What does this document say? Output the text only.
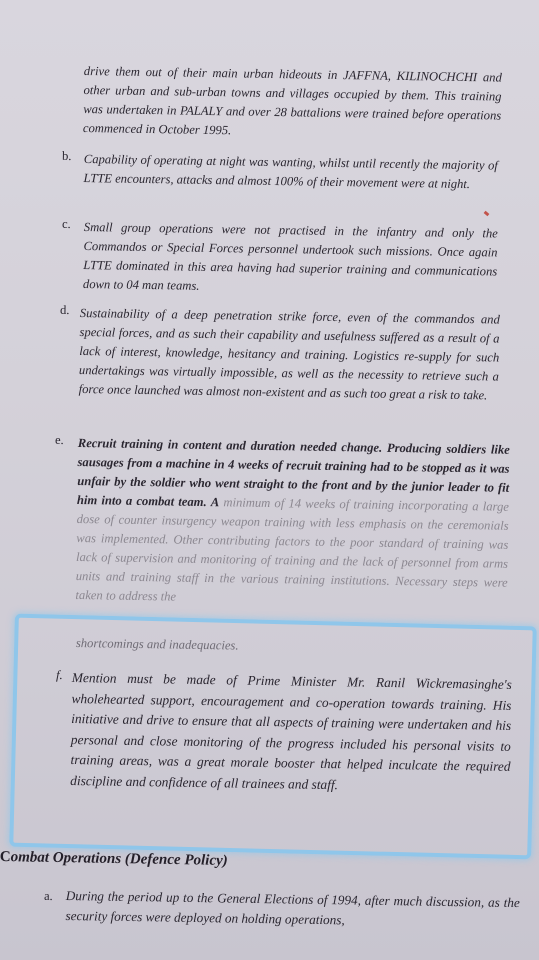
drive them out of their main urban hideouts in JAFFNA, KILINOCHCHI and other urban and sub-urban towns and villages occupied by them. This training was undertaken in PALALY and over 28 battalions were trained before operations commenced in October 1995.
b. Capability of operating at night was wanting, whilst until recently the majority of LTTE encounters, attacks and almost 100% of their movement were at night.
c. Small group operations were not practised in the infantry and only the Commandos or Special Forces personnel undertook such missions. Once again LTTE dominated in this area having had superior training and communications down to 04 man teams.
d. Sustainability of a deep penetration strike force, even of the commandos and special forces, and as such their capability and usefulness suffered as a result of a lack of interest, knowledge, hesitancy and training. Logistics re-supply for such undertakings was virtually impossible, as well as the necessity to retrieve such a force once launched was almost non-existent and as such too great a risk to take.
e. Recruit training in content and duration needed change. Producing soldiers like sausages from a machine in 4 weeks of recruit training had to be stopped as it was unfair by the soldier who went straight to the front and by the junior leader to fit him into a combat team. A minimum of 14 weeks of training incorporating a large dose of counter insurgency weapon training with less emphasis on the ceremonials was implemented. Other contributing factors to the poor standard of training was lack of supervision and monitoring of training and the lack of personnel from arms units and training staff in the various training institutions. Necessary steps were taken to address the
shortcomings and inadequacies.
f. Mention must be made of Prime Minister Mr. Ranil Wickremasinghe's wholehearted support, encouragement and co-operation towards training. His initiative and drive to ensure that all aspects of training were undertaken and his personal and close monitoring of the progress included his personal visits to training areas, was a great morale booster that helped inculcate the required discipline and confidence of all trainees and staff.
Combat Operations (Defence Policy)
a. During the period up to the General Elections of 1994, after much discussion, as the security forces were deployed on holding operations,
